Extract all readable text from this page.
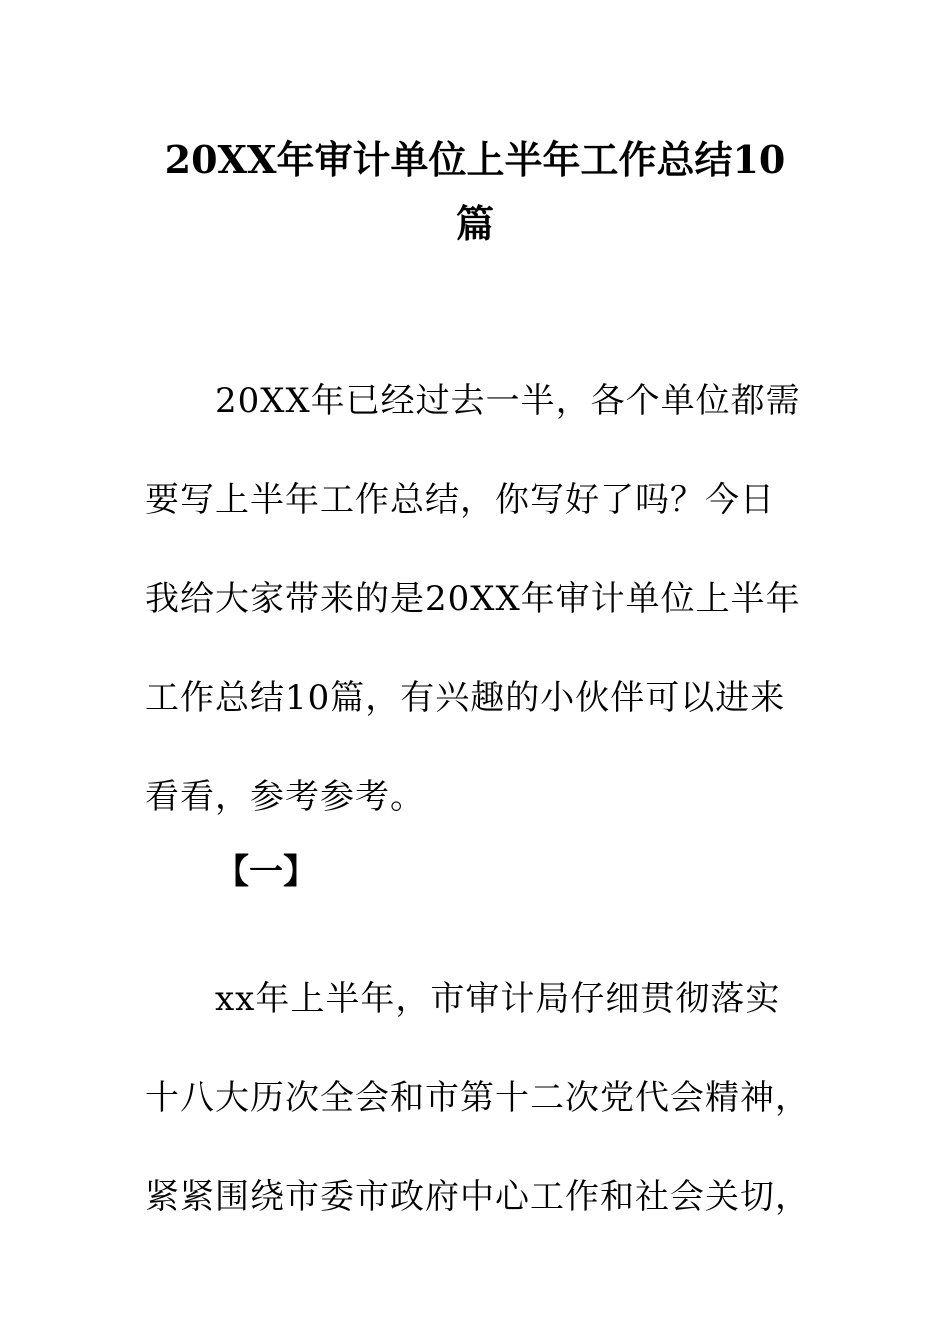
20XX年审计单位上半年工作总结10
篇

20XX年已经过去一半，各个单位都需
要写上半年工作总结，你写好了吗？今日
我给大家带来的是20XX年审计单位上半年
工作总结10篇，有兴趣的小伙伴可以进来
看看，参考参考。

【一】

xx年上半年，市审计局仔细贯彻落实
十八大历次全会和市第十二次党代会精神，
紧紧围绕市委市政府中心工作和社会关切，
